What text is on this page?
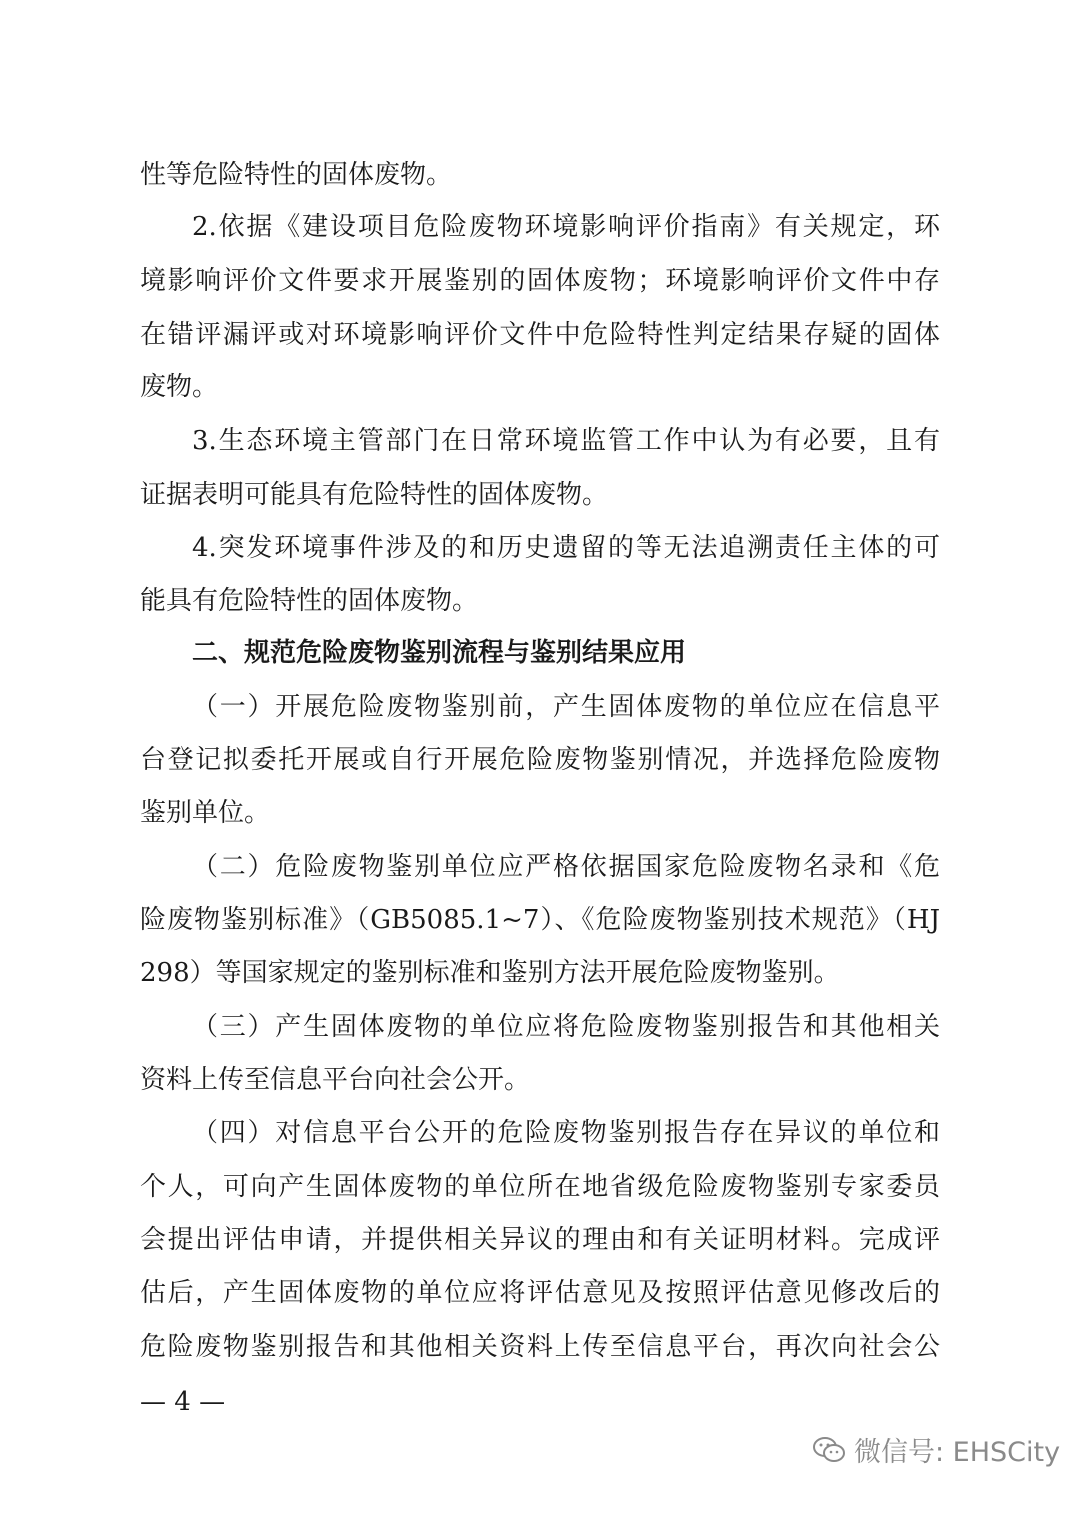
性等危险特性的固体废物。
2.依据《建设项目危险废物环境影响评价指南》有关规定，环
境影响评价文件要求开展鉴别的固体废物；环境影响评价文件中存
在错评漏评或对环境影响评价文件中危险特性判定结果存疑的固体
废物。
3.生态环境主管部门在日常环境监管工作中认为有必要，且有
证据表明可能具有危险特性的固体废物。
4.突发环境事件涉及的和历史遗留的等无法追溯责任主体的可
能具有危险特性的固体废物。
二、规范危险废物鉴别流程与鉴别结果应用
（一）开展危险废物鉴别前，产生固体废物的单位应在信息平
台登记拟委托开展或自行开展危险废物鉴别情况，并选择危险废物
鉴别单位。
（二）危险废物鉴别单位应严格依据国家危险废物名录和《危
险废物鉴别标准》（GB5085.1~7）、《危险废物鉴别技术规范》（HJ
298）等国家规定的鉴别标准和鉴别方法开展危险废物鉴别。
（三）产生固体废物的单位应将危险废物鉴别报告和其他相关
资料上传至信息平台向社会公开。
（四）对信息平台公开的危险废物鉴别报告存在异议的单位和
个人，可向产生固体废物的单位所在地省级危险废物鉴别专家委员
会提出评估申请，并提供相关异议的理由和有关证明材料。完成评
估后，产生固体废物的单位应将评估意见及按照评估意见修改后的
危险废物鉴别报告和其他相关资料上传至信息平台，再次向社会公
— 4 —
微信号: EHSCity
